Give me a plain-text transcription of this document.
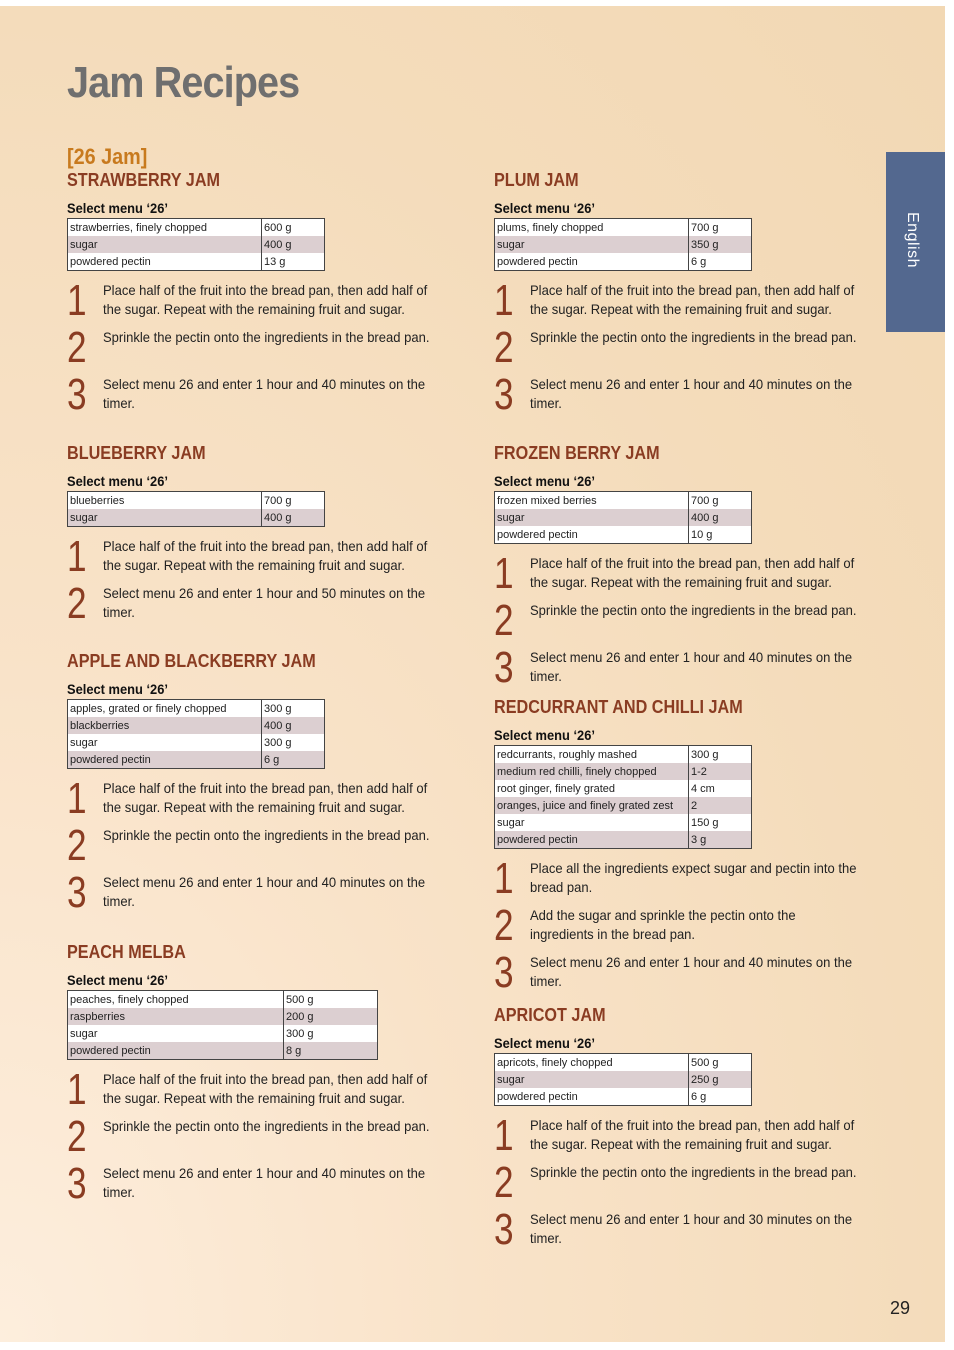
Jam Recipes
[26 Jam]
English
29
STRAWBERRY JAM
Select menu ‘26’
strawberries, finely chopped	600 g
sugar	400 g
powdered pectin	13 g
1 Place half of the fruit into the bread pan, then add half of the sugar. Repeat with the remaining fruit and sugar.
2 Sprinkle the pectin onto the ingredients in the bread pan.
3 Select menu 26 and enter 1 hour and 40 minutes on the timer.
BLUEBERRY JAM
Select menu ‘26’
blueberries	700 g
sugar	400 g
1 Place half of the fruit into the bread pan, then add half of the sugar. Repeat with the remaining fruit and sugar.
2 Select menu 26 and enter 1 hour and 50 minutes on the timer.
APPLE AND BLACKBERRY JAM
Select menu ‘26’
apples, grated or finely chopped	300 g
blackberries	400 g
sugar	300 g
powdered pectin	6 g
1 Place half of the fruit into the bread pan, then add half of the sugar. Repeat with the remaining fruit and sugar.
2 Sprinkle the pectin onto the ingredients in the bread pan.
3 Select menu 26 and enter 1 hour and 40 minutes on the timer.
PEACH MELBA
Select menu ‘26’
peaches, finely chopped	500 g
raspberries	200 g
sugar	300 g
powdered pectin	8 g
1 Place half of the fruit into the bread pan, then add half of the sugar. Repeat with the remaining fruit and sugar.
2 Sprinkle the pectin onto the ingredients in the bread pan.
3 Select menu 26 and enter 1 hour and 40 minutes on the timer.
PLUM JAM
Select menu ‘26’
plums, finely chopped	700 g
sugar	350 g
powdered pectin	6 g
1 Place half of the fruit into the bread pan, then add half of the sugar. Repeat with the remaining fruit and sugar.
2 Sprinkle the pectin onto the ingredients in the bread pan.
3 Select menu 26 and enter 1 hour and 40 minutes on the timer.
FROZEN BERRY JAM
Select menu ‘26’
frozen mixed berries	700 g
sugar	400 g
powdered pectin	10 g
1 Place half of the fruit into the bread pan, then add half of the sugar. Repeat with the remaining fruit and sugar.
2 Sprinkle the pectin onto the ingredients in the bread pan.
3 Select menu 26 and enter 1 hour and 40 minutes on the timer.
REDCURRANT AND CHILLI JAM
Select menu ‘26’
redcurrants, roughly mashed	300 g
medium red chilli, finely chopped	1-2
root ginger, finely grated	4 cm
oranges, juice and finely grated zest	2
sugar	150 g
powdered pectin	3 g
1 Place all the ingredients expect sugar and pectin into the bread pan.
2 Add the sugar and sprinkle the pectin onto the ingredients in the bread pan.
3 Select menu 26 and enter 1 hour and 40 minutes on the timer.
APRICOT JAM
Select menu ‘26’
apricots, finely chopped	500 g
sugar	250 g
powdered pectin	6 g
1 Place half of the fruit into the bread pan, then add half of the sugar. Repeat with the remaining fruit and sugar.
2 Sprinkle the pectin onto the ingredients in the bread pan.
3 Select menu 26 and enter 1 hour and 30 minutes on the timer.
